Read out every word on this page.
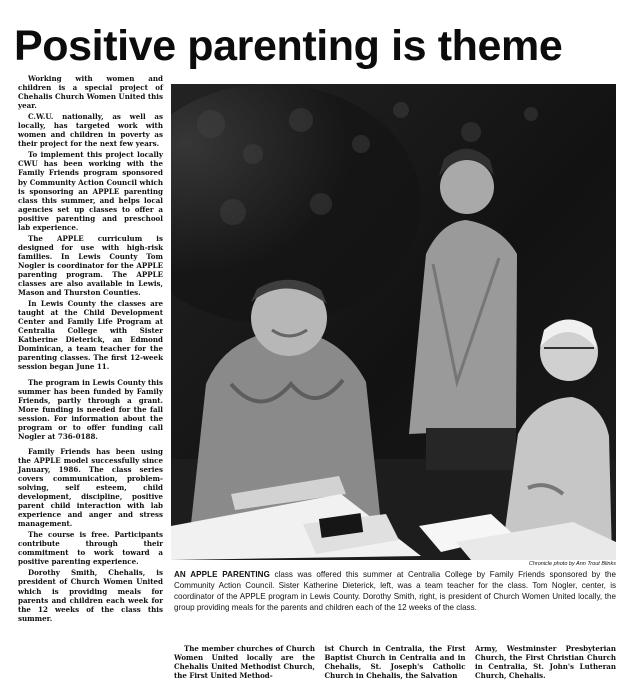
Positive parenting is theme

Working with women and children is a special project of Chehalis Church Women United this year.

C.W.U. nationally, as well as locally, has targeted work with women and children in poverty as their project for the next few years.

To implement this project locally CWU has been working with the Family Friends program sponsored by Community Action Council which is sponsoring an APPLE parenting class this summer, and helps local agencies set up classes to offer a positive parenting and preschool lab experience.

The APPLE curriculum is designed for use with high-risk families. In Lewis County Tom Nogler is coordinator for the APPLE parenting program. The APPLE classes are also available in Lewis, Mason and Thurston Counties.

In Lewis County the classes are taught at the Child Development Center and Family Life Program at Centralia College with Sister Katherine Dieterick, an Edmond Dominican, a team teacher for the parenting classes. The first 12-week session began June 11.

The program in Lewis County this summer has been funded by Family Friends, partly through a grant. More funding is needed for the fall session. For information about the program or to offer funding call Nogler at 736-0188.

Family Friends has been using the APPLE model successfully since January, 1986. The class series covers communication, problem-solving, self esteem, child development, discipline, positive parent child interaction with lab experience and anger and stress management.

The course is free. Participants contribute through their commitment to work toward a positive parenting experience.

Dorothy Smith, Chehalis, is president of Church Women United which is providing meals for parents and children each week for the 12 weeks of the class this summer.

Chronicle photo by Ann Trout Blinks
AN APPLE PARENTING class was offered this summer at Centralia College by Family Friends sponsored by the Community Action Council. Sister Katherine Dieterick, left, was a team teacher for the class. Tom Nogler, center, is coordinator of the APPLE program in Lewis County. Dorothy Smith, right, is president of Church Women United locally, the group providing meals for the parents and children each of the 12 weeks of the class.

The member churches of Church Women United locally are the Chehalis United Methodist Church, the First United Method-

ist Church in Centralia, the First Baptist Church in Centralia and in Chehalis, St. Joseph's Catholic Church in Chehalis, the Salvation

Army, Westminster Presbyterian Church, the First Christian Church in Centralia, St. John's Lutheran Church, Chehalis.
